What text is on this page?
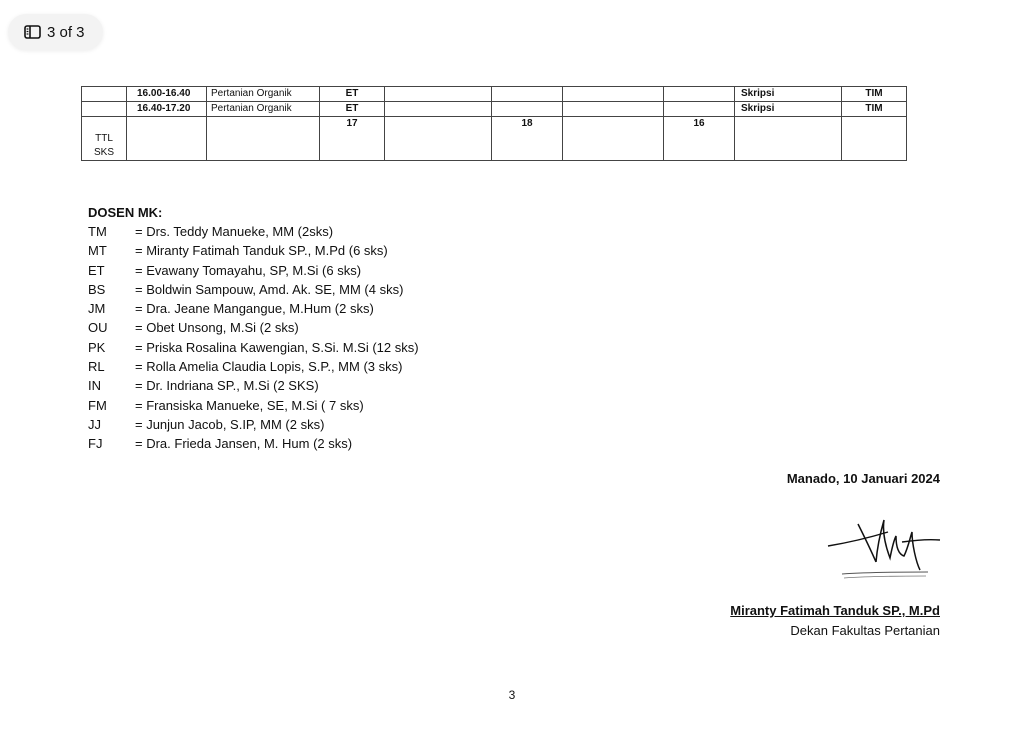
3 of 3
	16.00-16.40	Pertanian Organik	ET					Skripsi	TIM
	16.40-17.20	Pertanian Organik	ET					Skripsi	TIM

TTL
SKS			17		18		16		
DOSEN MK:
TM	= Drs. Teddy Manueke, MM (2sks)
MT	= Miranty Fatimah Tanduk SP., M.Pd (6 sks)
ET	= Evawany Tomayahu, SP, M.Si (6 sks)
BS	= Boldwin Sampouw, Amd. Ak. SE, MM (4 sks)
JM	= Dra. Jeane Mangangue, M.Hum (2 sks)
OU	= Obet Unsong, M.Si (2 sks)
PK	= Priska Rosalina Kawengian, S.Si. M.Si (12 sks)
RL	= Rolla Amelia Claudia Lopis, S.P., MM (3 sks)
IN	= Dr. Indriana SP., M.Si (2 SKS)
FM	= Fransiska Manueke, SE, M.Si ( 7 sks)
JJ	= Junjun Jacob, S.IP, MM (2 sks)
FJ	= Dra. Frieda Jansen, M. Hum (2 sks)
Manado, 10 Januari 2024
Miranty Fatimah Tanduk SP., M.Pd
Dekan Fakultas Pertanian
3
